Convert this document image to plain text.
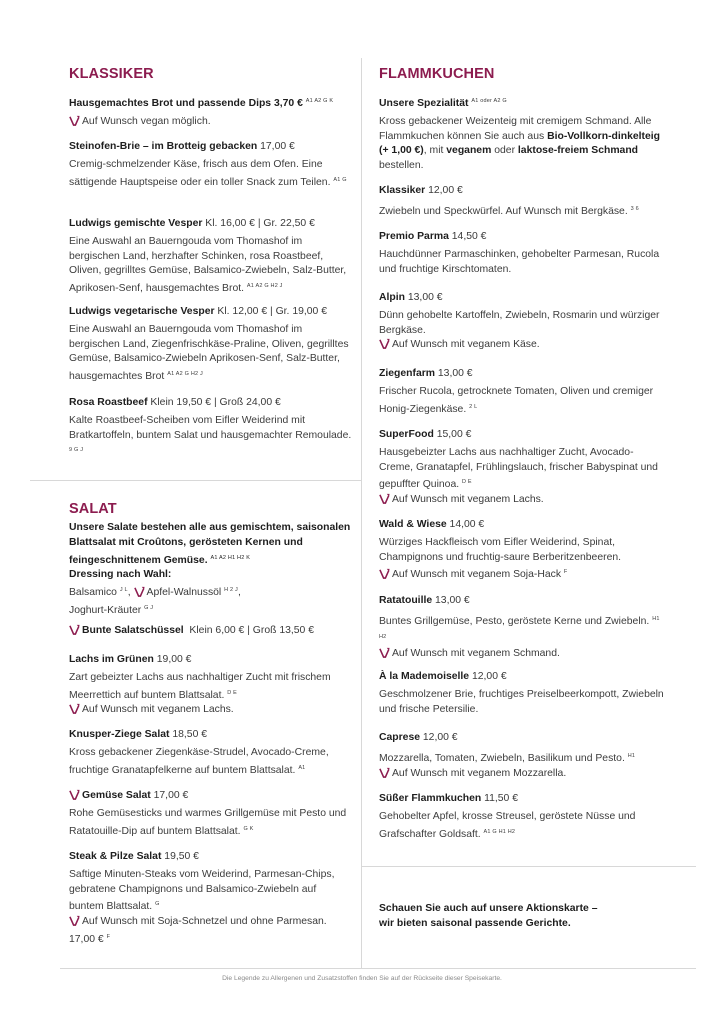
KLASSIKER
Hausgemachtes Brot und passende Dips 3,70 € $^{A1 A2 G K}$
Auf Wunsch vegan möglich.
Steinofen-Brie – im Brotteig gebacken 17,00 €
Cremig-schmelzender Käse, frisch aus dem Ofen. Eine sättigende Hauptspeise oder ein toller Snack zum Teilen. $^{A1 G}$
Ludwigs gemischte Vesper Kl. 16,00 € | Gr. 22,50 €
Eine Auswahl an Bauerngouda vom Thomashof im bergischen Land, herzhafter Schinken, rosa Roastbeef, Oliven, gegrilltes Gemüse, Balsamico-Zwiebeln, Salz-Butter, Aprikosen-Senf, hausgemachtes Brot. $^{A1 A2 G H2 J}$
Ludwigs vegetarische Vesper Kl. 12,00 € | Gr. 19,00 €
Eine Auswahl an Bauerngouda vom Thomashof im bergischen Land, Ziegenfrischkäse-Praline, Oliven, gegrilltes Gemüse, Balsamico-Zwiebeln Aprikosen-Senf, Salz-Butter, hausgemachtes Brot $^{A1 A2 G H2 J}$
Rosa Roastbeef Klein 19,50 € | Groß 24,00 €
Kalte Roastbeef-Scheiben vom Eifler Weiderind mit Bratkartoffeln, buntem Salat und hausgemachter Remoulade. $^{9 G J}$
SALAT
Unsere Salate bestehen alle aus gemischtem, saisonalen Blattsalat mit Croûtons, gerösteten Kernen und feingeschnittenem Gemüse. $^{A1 A2 H1 H2 K}$
Dressing nach Wahl:
Balsamico $^{J L}$,
Apfel-Walnussöl $^{H 2 J}$,
Joghurt-Kräuter $^{G J}$
Bunte Salatschüssel Klein 6,00 € | Groß 13,50 €
Lachs im Grünen 19,00 €
Zart gebeizter Lachs aus nachhaltiger Zucht mit frischem Meerrettich auf buntem Blattsalat. $^{D E}$
Auf Wunsch mit veganem Lachs.
Knusper-Ziege Salat 18,50 €
Kross gebackener Ziegenkäse-Strudel, Avocado-Creme, fruchtige Granatapfelkerne auf buntem Blattsalat. $^{A1}$
Gemüse Salat 17,00 €
Rohe Gemüsesticks und warmes Grillgemüse mit Pesto und Ratatouille-Dip auf buntem Blattsalat. $^{G K}$
Steak & Pilze Salat 19,50 €
Saftige Minuten-Steaks vom Weiderind, Parmesan-Chips, gebratene Champignons und Balsamico-Zwiebeln auf buntem Blattsalat. $^G$
Auf Wunsch mit Soja-Schnetzel und ohne Parmesan. 17,00 € $^F$
FLAMMKUCHEN
Unsere Spezialität $^{A1 oder A2 G}$
Kross gebackener Weizenteig mit cremigem Schmand. Alle Flammkuchen können Sie auch aus Bio-Vollkorn-dinkelteig (+ 1,00 €), mit veganem oder laktose-freiem Schmand bestellen.
Klassiker 12,00 €
Zwiebeln und Speckwürfel. Auf Wunsch mit Bergkäse. $^{3 6}$
Premio Parma 14,50 €
Hauchdünner Parmaschinken, gehobelter Parmesan, Rucola und fruchtige Kirschtomaten.
Alpin 13,00 €
Dünn gehobelte Kartoffeln, Zwiebeln, Rosmarin und würziger Bergkäse.
Auf Wunsch mit veganem Käse.
Ziegenfarm 13,00 €
Frischer Rucola, getrocknete Tomaten, Oliven und cremiger Honig-Ziegenkäse. $^{2 L}$
SuperFood 15,00 €
Hausgebeizter Lachs aus nachhaltiger Zucht, Avocado-Creme, Granatapfel, Frühlingslauch, frischer Babyspinat und gepuffter Quinoa. $^{D E}$
Auf Wunsch mit veganem Lachs.
Wald & Wiese 14,00 €
Würziges Hackfleisch vom Eifler Weiderind, Spinat, Champignons und fruchtig-saure Berberitzenbeeren.
Auf Wunsch mit veganem Soja-Hack $^F$
Ratatouille 13,00 €
Buntes Grillgemüse, Pesto, geröstete Kerne und Zwiebeln. $^{H1 H2}$
Auf Wunsch mit veganem Schmand.
À la Mademoiselle 12,00 €
Geschmolzener Brie, fruchtiges Preiselbeerkompott, Zwiebeln und frische Petersilie.
Caprese 12,00 €
Mozzarella, Tomaten, Zwiebeln, Basilikum und Pesto. $^{H1}$
Auf Wunsch mit veganem Mozzarella.
Süßer Flammkuchen 11,50 €
Gehobelter Apfel, krosse Streusel, geröstete Nüsse und Grafschafter Goldsaft. $^{A1 G H1 H2}$
Schauen Sie auch auf unsere Aktionskarte –
wir bieten saisonal passende Gerichte.
Die Legende zu Allergenen und Zusatzstoffen finden Sie auf der Rückseite dieser Speisekarte.
